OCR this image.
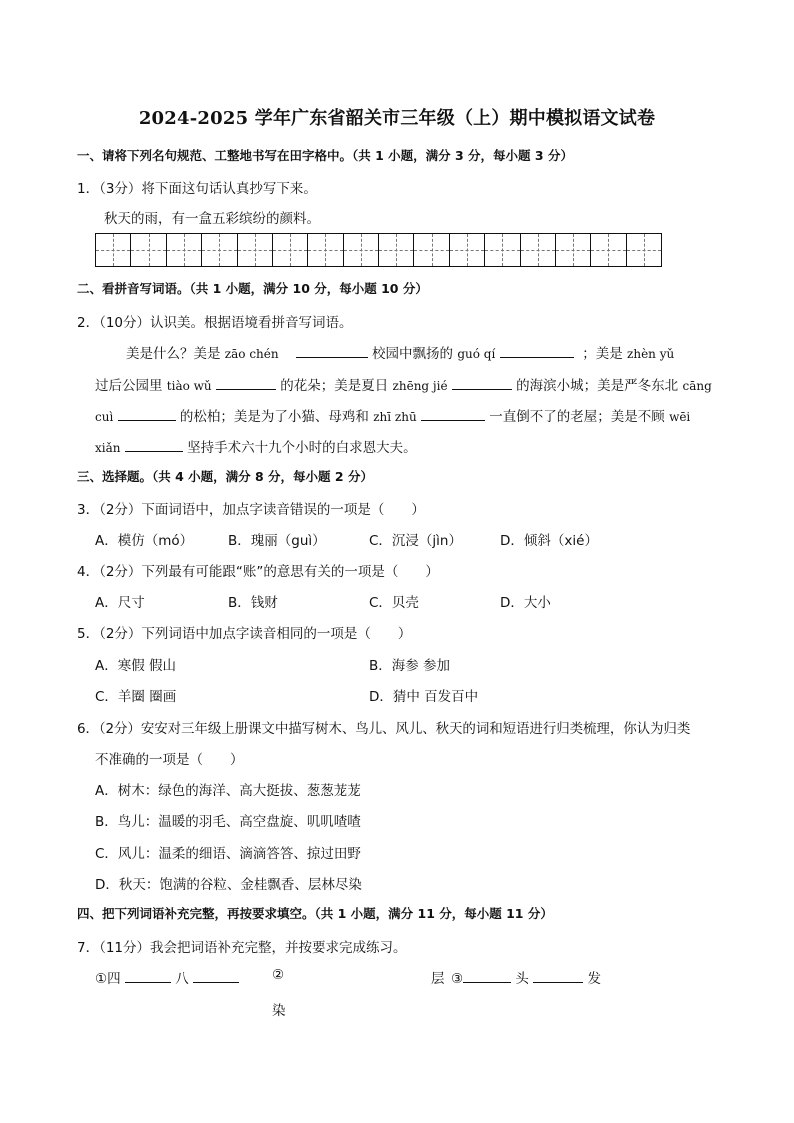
2024-2025 学年广东省韶关市三年级（上）期中模拟语文试卷
一、请将下列名句规范、工整地书写在田字格中。（共 1 小题，满分 3 分，每小题 3 分）
1．（3分）将下面这句话认真抄写下来。
秋天的雨，有一盒五彩缤纷的颜料。
二、看拼音写词语。（共 1 小题，满分 10 分，每小题 10 分）
2．（10分）认识美。根据语境看拼音写词语。
美是什么？美是 zāo chén	校园中飘扬的 guó qí	；美是 zhèn yǔ
过后公园里 tiào wǔ	的花朵；美是夏日 zhēng jié	的海滨小城；美是严冬东北 cāng
cuì	的松柏；美是为了小猫、母鸡和 zhī zhū	一直倒不了的老屋；美是不顾 wēi
xiǎn	坚持手术六十九个小时的白求恩大夫。
三、选择题。（共 4 小题，满分 8 分，每小题 2 分）
3．（2分）下面词语中，加点字读音错误的一项是（　　）
A．模仿（mó）	B．瑰丽（guì）	C．沉浸（jìn）	D．倾斜（xié）
4．（2分）下列最有可能跟“账”的意思有关的一项是（　　）
A．尺寸	B．钱财	C．贝壳	D．大小
5．（2分）下列词语中加点字读音相同的一项是（　　）
A．寒假 假山	B．海参 参加
C．羊圈 圈画	D．猜中 百发百中
6．（2分）安安对三年级上册课文中描写树木、鸟儿、风儿、秋天的词和短语进行归类梳理，你认为归类
不准确的一项是（　　）
A．树木：绿色的海洋、高大挺拔、葱葱茏茏
B．鸟儿：温暖的羽毛、高空盘旋、叽叽喳喳
C．风儿：温柔的细语、滴滴答答、掠过田野
D．秋天：饱满的谷粒、金桂飘香、层林尽染
四、把下列词语补充完整，再按要求填空。（共 1 小题，满分 11 分，每小题 11 分）
7．（11分）我会把词语补充完整，并按要求完成练习。
①四	八	②	层 ③	头	发
染
